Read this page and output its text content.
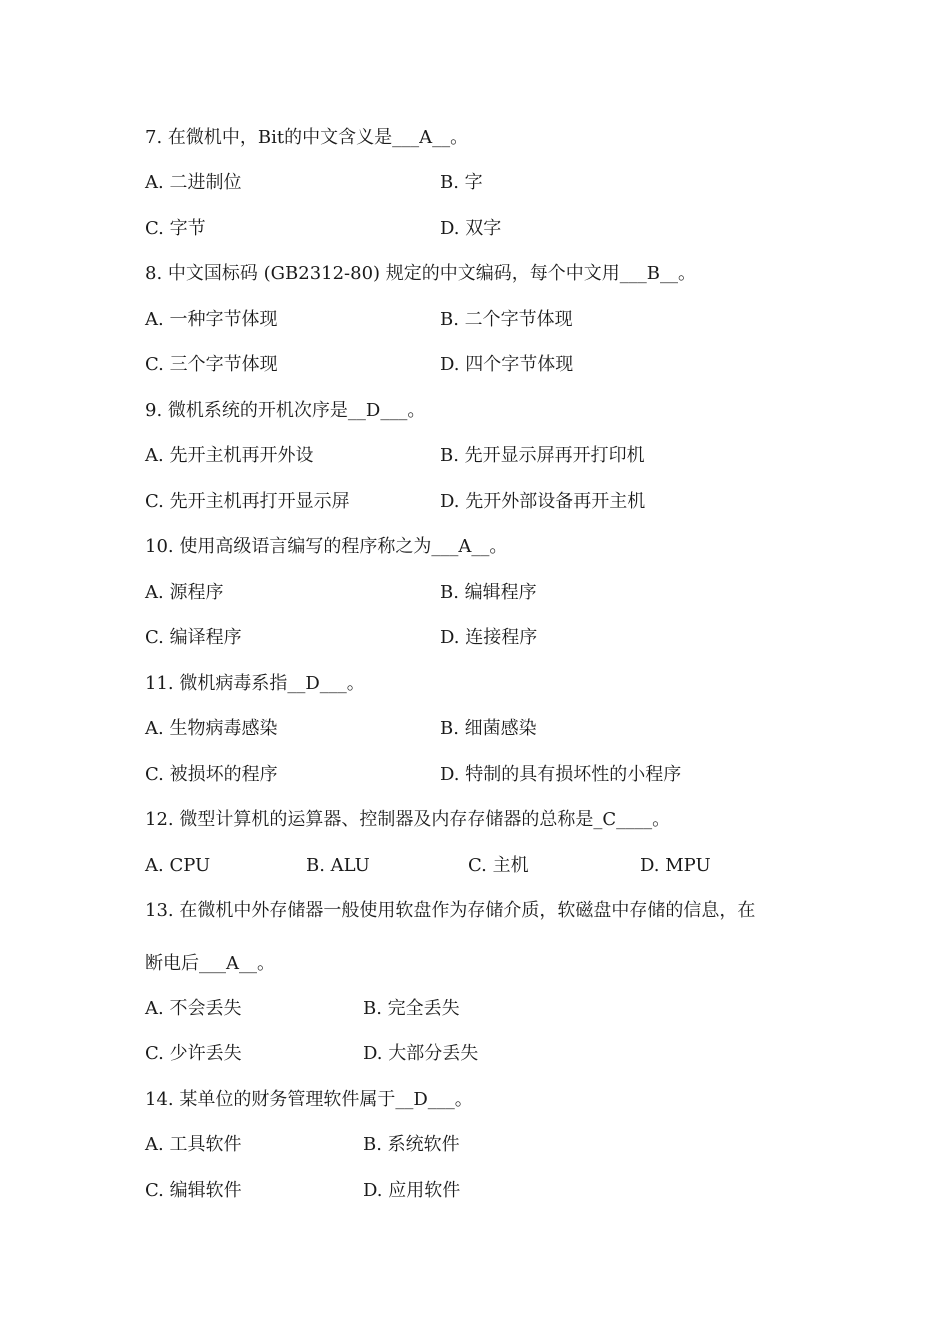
7. 在微机中，Bit的中文含义是___A__。
A. 二进制位	B. 字
C. 字节	D. 双字
8. 中文国标码 (GB2312-80) 规定的中文编码，每个中文用___B__。
A. 一种字节体现	B. 二个字节体现
C. 三个字节体现	D. 四个字节体现
9. 微机系统的开机次序是__D___。
A. 先开主机再开外设	B. 先开显示屏再开打印机
C. 先开主机再打开显示屏	D. 先开外部设备再开主机
10. 使用高级语言编写的程序称之为___A__。
A. 源程序	B. 编辑程序
C. 编译程序	D. 连接程序
11. 微机病毒系指__D___。
A. 生物病毒感染	B. 细菌感染
C. 被损坏的程序	D. 特制的具有损坏性的小程序
12. 微型计算机的运算器、控制器及内存存储器的总称是_C____。
A. CPU	B. ALU	C. 主机	D. MPU
13. 在微机中外存储器一般使用软盘作为存储介质，软磁盘中存储的信息，在
断电后___A__。
A. 不会丢失	B. 完全丢失
C. 少许丢失	D. 大部分丢失
14. 某单位的财务管理软件属于__D___。
A. 工具软件	B. 系统软件
C. 编辑软件	D. 应用软件
